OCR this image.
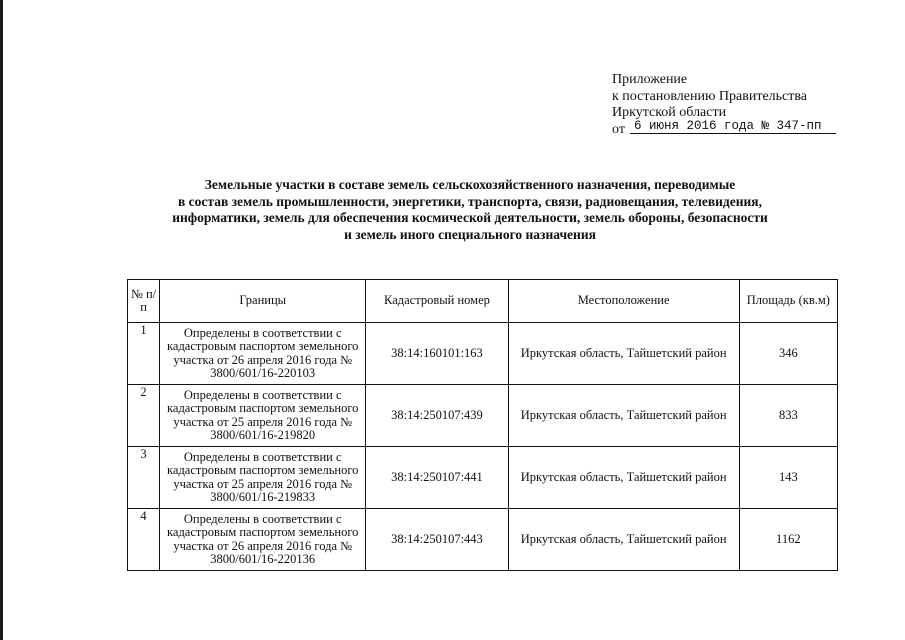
Приложение
к постановлению Правительства
Иркутской области
от 6 июня 2016 года № 347-пп
Земельные участки в составе земель сельскохозяйственного назначения, переводимые
в состав земель промышленности, энергетики, транспорта, связи, радиовещания, телевидения,
информатики, земель для обеспечения космической деятельности, земель обороны, безопасности
и земель иного специального назначения
№ п/п	Границы	Кадастровый номер	Местоположение	Площадь (кв.м)
1	Определены в соответствии с кадастровым паспортом земельного участка от 26 апреля 2016 года № 3800/601/16-220103	38:14:160101:163	Иркутская область, Тайшетский район	346
2	Определены в соответствии с кадастровым паспортом земельного участка от 25 апреля 2016 года № 3800/601/16-219820	38:14:250107:439	Иркутская область, Тайшетский район	833
3	Определены в соответствии с кадастровым паспортом земельного участка от 25 апреля 2016 года № 3800/601/16-219833	38:14:250107:441	Иркутская область, Тайшетский район	143
4	Определены в соответствии с кадастровым паспортом земельного участка от 26 апреля 2016 года № 3800/601/16-220136	38:14:250107:443	Иркутская область, Тайшетский район	1162
